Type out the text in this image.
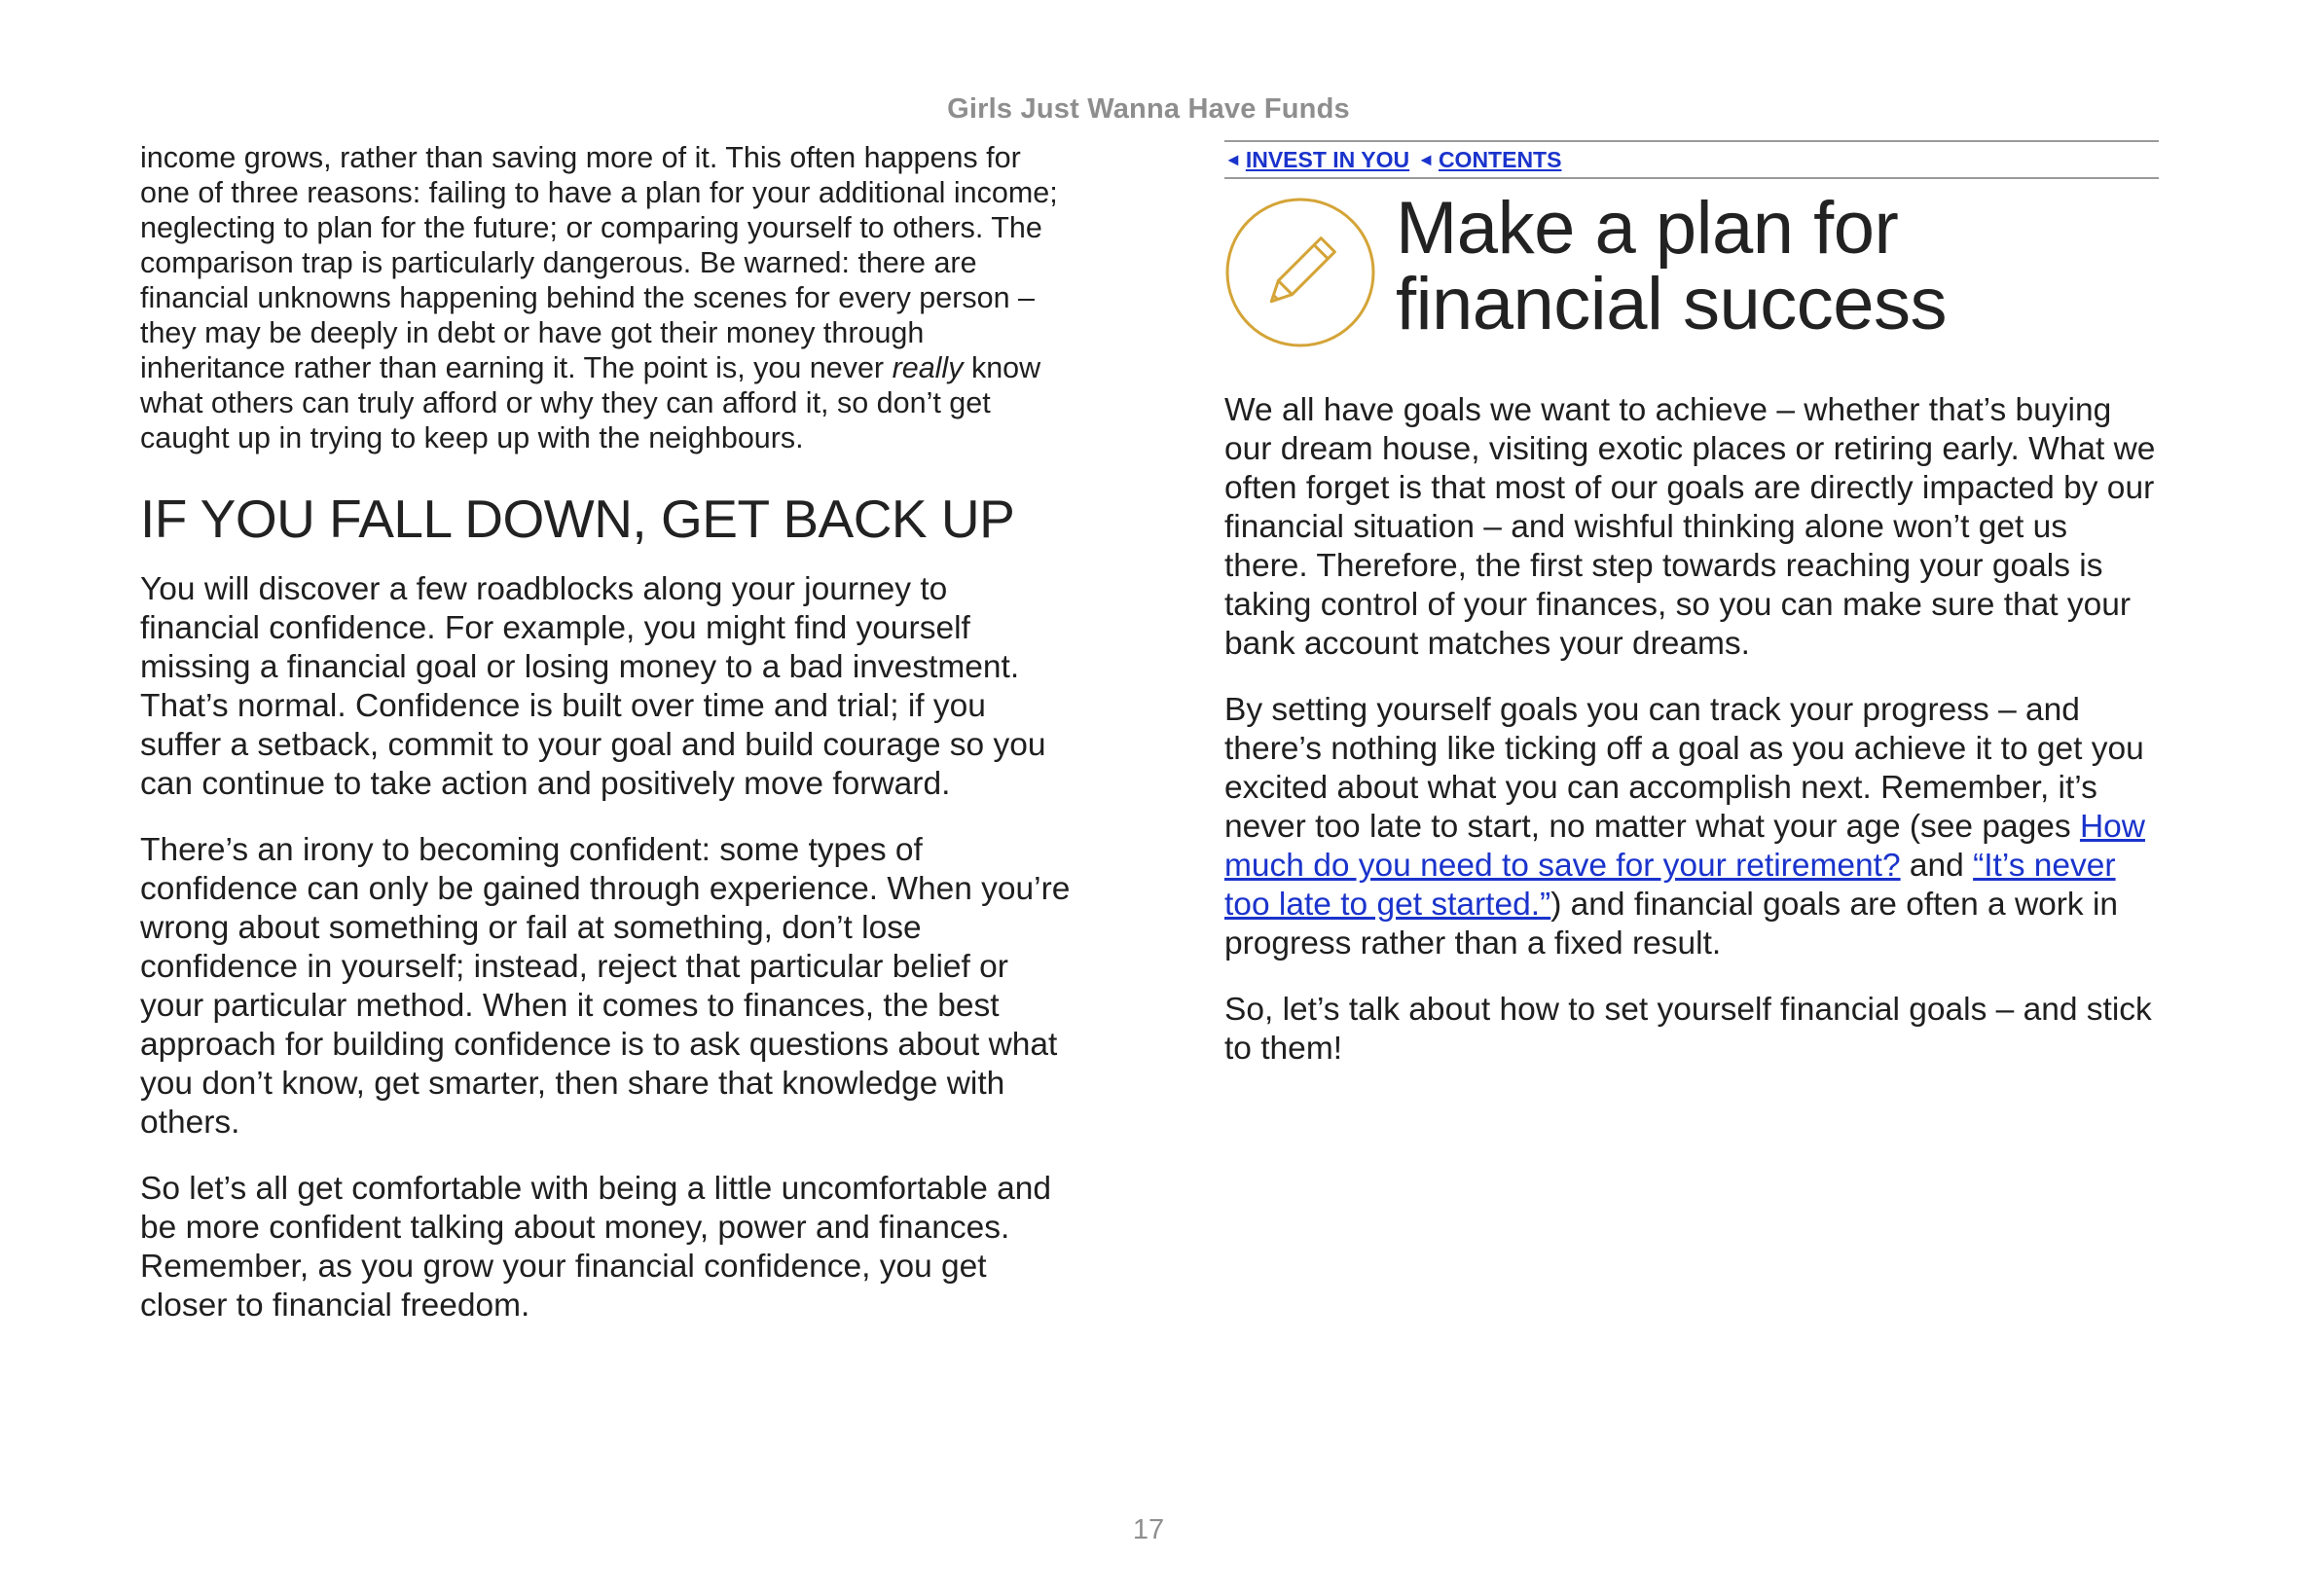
Girls Just Wanna Have Funds

income grows, rather than saving more of it. This often happens for one of three reasons: failing to have a plan for your additional income; neglecting to plan for the future; or comparing yourself to others. The comparison trap is particularly dangerous. Be warned: there are financial unknowns happening behind the scenes for every person – they may be deeply in debt or have got their money through inheritance rather than earning it. The point is, you never really know what others can truly afford or why they can afford it, so don’t get caught up in trying to keep up with the neighbours.

IF YOU FALL DOWN, GET BACK UP

You will discover a few roadblocks along your journey to financial confidence. For example, you might find yourself missing a financial goal or losing money to a bad investment. That’s normal. Confidence is built over time and trial; if you suffer a setback, commit to your goal and build courage so you can continue to take action and positively move forward.

There’s an irony to becoming confident: some types of confidence can only be gained through experience. When you’re wrong about something or fail at something, don’t lose confidence in yourself; instead, reject that particular belief or your particular method. When it comes to finances, the best approach for building confidence is to ask questions about what you don’t know, get smarter, then share that knowledge with others.

So let’s all get comfortable with being a little uncomfortable and be more confident talking about money, power and finances. Remember, as you grow your financial confidence, you get closer to financial freedom.

◄ INVEST IN YOU ◄ CONTENTS
Make a plan for
financial success

We all have goals we want to achieve – whether that’s buying our dream house, visiting exotic places or retiring early. What we often forget is that most of our goals are directly impacted by our financial situation – and wishful thinking alone won’t get us there. Therefore, the first step towards reaching your goals is taking control of your finances, so you can make sure that your bank account matches your dreams.

By setting yourself goals you can track your progress – and there’s nothing like ticking off a goal as you achieve it to get you excited about what you can accomplish next. Remember, it’s never too late to start, no matter what your age (see pages How much do you need to save for your retirement? and “It’s never too late to get started.”) and financial goals are often a work in progress rather than a fixed result.

So, let’s talk about how to set yourself financial goals – and stick to them!

17
